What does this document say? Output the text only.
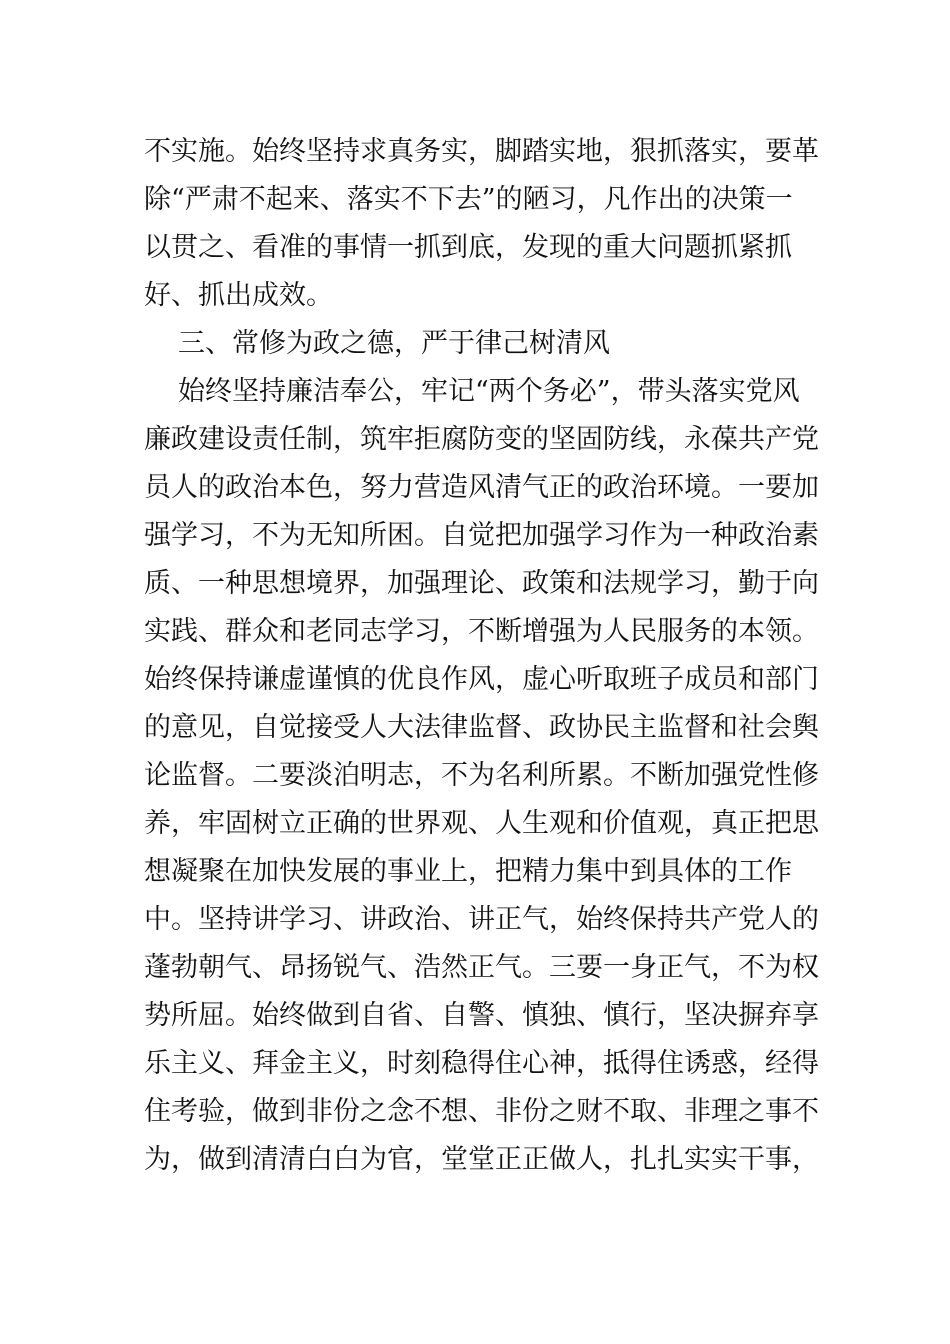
不实施。始终坚持求真务实，脚踏实地，狠抓落实，要革
除“严肃不起来、落实不下去”的陋习，凡作出的决策一
以贯之、看准的事情一抓到底，发现的重大问题抓紧抓
好、抓出成效。
三、常修为政之德，严于律己树清风
始终坚持廉洁奉公，牢记“两个务必”，带头落实党风
廉政建设责任制，筑牢拒腐防变的坚固防线，永葆共产党
员人的政治本色，努力营造风清气正的政治环境。一要加
强学习，不为无知所困。自觉把加强学习作为一种政治素
质、一种思想境界，加强理论、政策和法规学习，勤于向
实践、群众和老同志学习，不断增强为人民服务的本领。
始终保持谦虚谨慎的优良作风，虚心听取班子成员和部门
的意见，自觉接受人大法律监督、政协民主监督和社会舆
论监督。二要淡泊明志，不为名利所累。不断加强党性修
养，牢固树立正确的世界观、人生观和价值观，真正把思
想凝聚在加快发展的事业上，把精力集中到具体的工作
中。坚持讲学习、讲政治、讲正气，始终保持共产党人的
蓬勃朝气、昂扬锐气、浩然正气。三要一身正气，不为权
势所屈。始终做到自省、自警、慎独、慎行，坚决摒弃享
乐主义、拜金主义，时刻稳得住心神，抵得住诱惑，经得
住考验，做到非份之念不想、非份之财不取、非理之事不
为，做到清清白白为官，堂堂正正做人，扎扎实实干事，
